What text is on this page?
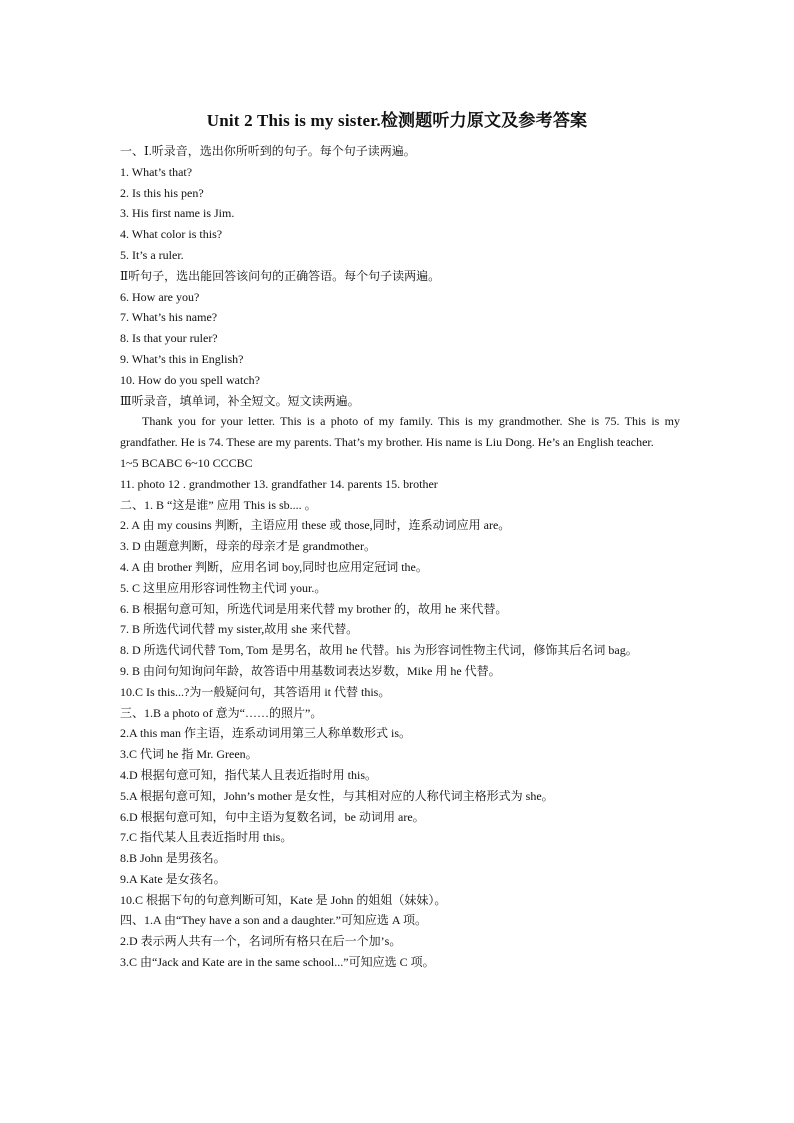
Unit 2 This is my sister.检测题听力原文及参考答案
一、Ⅰ.听录音，选出你所听到的句子。每个句子读两遍。
1. What’s that?
2. Is this his pen?
3. His first name is Jim.
4. What color is this?
5. It’s a ruler.
Ⅱ听句子，选出能回答该问句的正确答语。每个句子读两遍。
6. How are you?
7. What’s his name?
8. Is that your ruler?
9. What’s this in English?
10. How do you spell watch?
Ⅲ听录音，填单词，补全短文。短文读两遍。
Thank you for your letter. This is a photo of my family. This is my grandmother. She is 75. This is my grandfather. He is 74. These are my parents. That’s my brother. His name is Liu Dong. He’s an English teacher.
1~5 BCABC 6~10 CCCBC
11. photo 12 . grandmother 13. grandfather 14. parents 15. brother
二、1. B “这是谁” 应用 This is sb.... 。
2. A 由 my cousins 判断，主语应用 these 或 those,同时，连系动词应用 are。
3. D 由题意判断，母亲的母亲才是 grandmother。
4. A 由 brother 判断，应用名词 boy,同时也应用定冠词 the。
5. C 这里应用形容词性物主代词 your.。
6. B 根据句意可知，所选代词是用来代替 my brother 的，故用 he 来代替。
7. B 所选代词代替 my sister,故用 she 来代替。
8. D 所选代词代替 Tom, Tom 是男名，故用 he 代替。his 为形容词性物主代词，修饰其后名词 bag。
9. B 由问句知询问年龄，故答语中用基数词表达岁数，Mike 用 he 代替。
10.C Is this...?为一般疑问句，其答语用 it 代替 this。
三、1.B a photo of 意为“……的照片”。
2.A this man 作主语，连系动词用第三人称单数形式 is。
3.C 代词 he 指 Mr. Green。
4.D 根据句意可知，指代某人且表近指时用 this。
5.A 根据句意可知，John’s mother 是女性，与其相对应的人称代词主格形式为 she。
6.D 根据句意可知，句中主语为复数名词，be 动词用 are。
7.C 指代某人且表近指时用 this。
8.B John 是男孩名。
9.A Kate 是女孩名。
10.C 根据下句的句意判断可知，Kate 是 John 的姐姐（妹妹）。
四、1.A 由“They have a son and a daughter.”可知应选 A 项。
2.D 表示两人共有一个，名词所有格只在后一个加’s。
3.C 由“Jack and Kate are in the same school...”可知应选 C 项。
